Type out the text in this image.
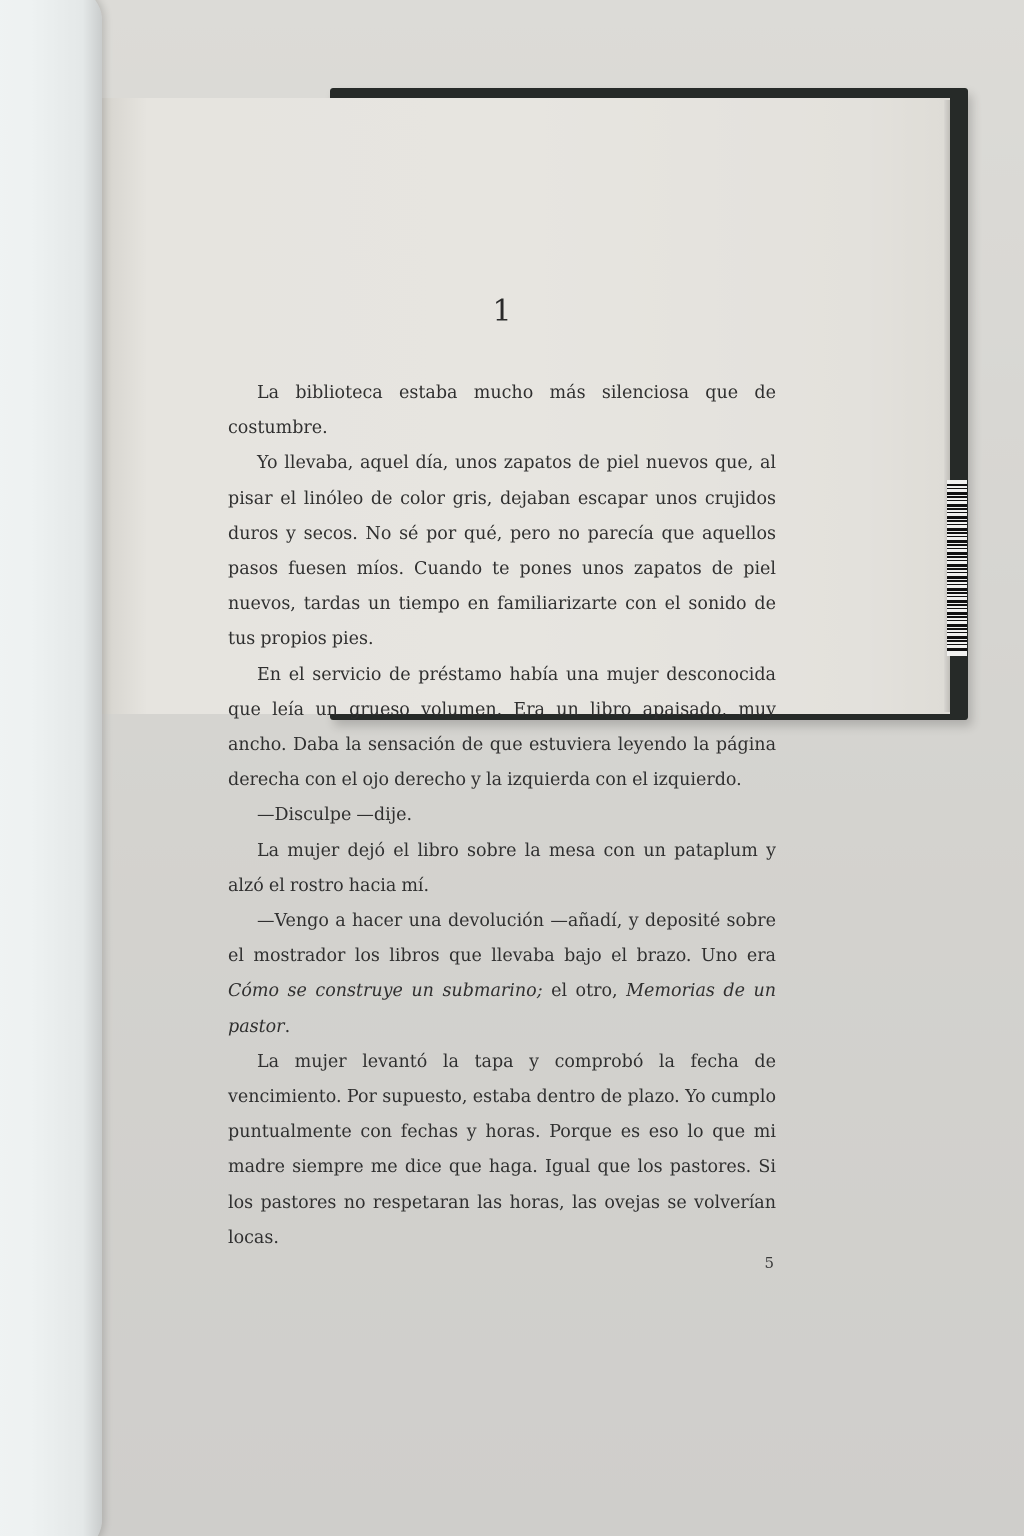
1

La biblioteca estaba mucho más silenciosa que de costumbre.

Yo llevaba, aquel día, unos zapatos de piel nuevos que, al pisar el linóleo de color gris, dejaban escapar unos crujidos duros y secos. No sé por qué, pero no parecía que aquellos pasos fuesen míos. Cuando te pones unos zapatos de piel nuevos, tardas un tiempo en familiarizarte con el sonido de tus propios pies.

En el servicio de préstamo había una mujer desconocida que leía un grueso volumen. Era un libro apaisado, muy ancho. Daba la sensación de que estuviera leyendo la página derecha con el ojo derecho y la izquierda con el izquierdo.

—Disculpe —dije.

La mujer dejó el libro sobre la mesa con un pataplum y alzó el rostro hacia mí.

—Vengo a hacer una devolución —añadí, y deposité sobre el mostrador los libros que llevaba bajo el brazo. Uno era Cómo se construye un submarino; el otro, Memorias de un pastor.

La mujer levantó la tapa y comprobó la fecha de vencimiento. Por supuesto, estaba dentro de plazo. Yo cumplo puntualmente con fechas y horas. Porque es eso lo que mi madre siempre me dice que haga. Igual que los pastores. Si los pastores no respetaran las horas, las ovejas se volverían locas.

5
